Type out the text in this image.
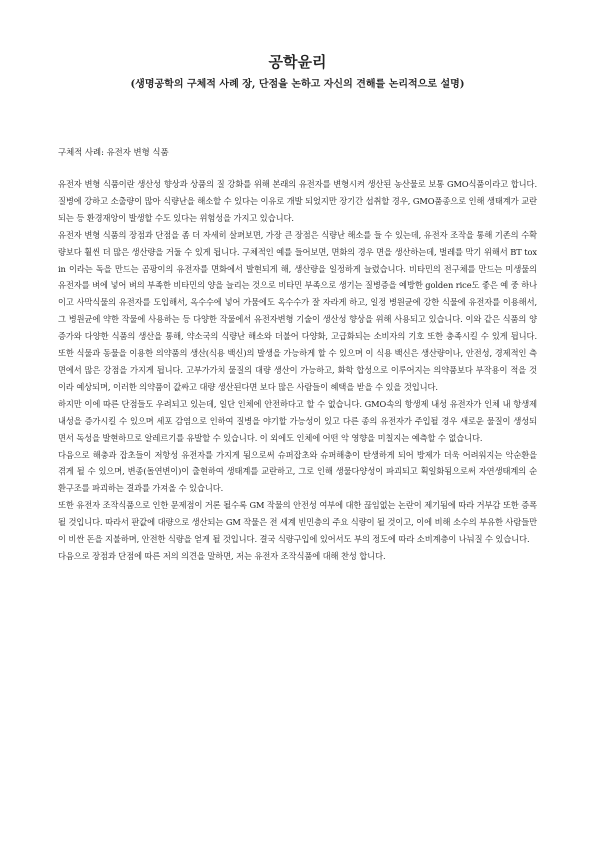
공학윤리

(생명공학의 구체적 사례 장, 단점을 논하고 자신의 견해를 논리적으로 설명)

구체적 사례: 유전자 변형 식품

유전자 변형 식품이란 생산성 향상과 상품의 질 강화를 위해 본래의 유전자를 변형시켜 생산된 농산물로 보통 GMO식품이라고 합니다. 질병에 강하고 소출량이 많아 식량난을 해소할 수 있다는 이유로 개발 되었지만 장기간 섭취할 경우, GMO품종으로 인해 생태계가 교란되는 등 환경재앙이 발생할 수도 있다는 위험성을 가지고 있습니다.

유전자 변형 식품의 장점과 단점을 좀 더 자세히 살펴보면, 가장 큰 장점은 식량난 해소를 들 수 있는데, 유전자 조작을 통해 기존의 수확량보다 훨씬 더 많은 생산량을 거둘 수 있게 됩니다. 구체적인 예를 들어보면, 면화의 경우 면을 생산하는데, 벌레를 막기 위해서 BT toxin 이라는 독을 만드는 곰팡이의 유전자를 면화에서 발현되게 해, 생산량을 일정하게 늘렸습니다. 비타민의 전구체를 만드는 미생물의 유전자를 벼에 넣어 벼의 부족한 비타민의 양을 늘리는 것으로 비타민 부족으로 생기는 질병증을 예방한 golden rice도 좋은 예 중 하나이고 사막식물의 유전자를 도입해서, 옥수수에 넣어 가뭄에도 옥수수가 잘 자라게 하고, 일정 병원균에 강한 식물에 유전자를 이용해서, 그 병원균에 약한 작물에 사용하는 등 다양한 작물에서 유전자변형 기술이 생산성 향상을 위해 사용되고 있습니다. 이와 같은 식품의 양 증가와 다양한 식품의 생산을 통해, 약소국의 식량난 해소와 더불어 다양화, 고급화되는 소비자의 기호 또한 충족시킬 수 있게 됩니다. 또한 식물과 동물을 이용한 의약품의 생산(식용 백신)의 발생을 가능하게 할 수 있으며 이 식용 백신은 생산량이나, 안전성, 경제적인 측면에서 많은 강점을 가지게 됩니다. 고부가가치 물질의 대량 생산이 가능하고, 화학 합성으로 이루어지는 의약품보다 부작용이 적을 것이라 예상되며, 이러한 의약품이 값싸고 대량 생산된다면 보다 많은 사람들이 혜택을 받을 수 있을 것입니다.

하지만 이에 따른 단점들도 우려되고 있는데, 일단 인체에 안전하다고 할 수 없습니다. GMO속의 항생제 내성 유전자가 인체 내 항생제 내성을 증가시킬 수 있으며 세포 감염으로 인하여 질병을 야기할 가능성이 있고 다른 종의 유전자가 주입될 경우 새로운 물질이 생성되면서 독성을 발현하므로 알레르기를 유발할 수 있습니다. 이 외에도 인체에 어떤 악 영향을 미칠지는 예측할 수 없습니다.

다음으로 해충과 잡초들이 저항성 유전자를 가지게 됨으로써 슈퍼잡초와 슈퍼해충이 탄생하게 되어 방제가 더욱 어려워지는 악순환을 겪게 될 수 있으며, 변종(돌연변이)이 출현하여 생태계를 교란하고, 그로 인해 생물다양성이 파괴되고 획일화됨으로써 자연생태계의 순환구조를 파괴하는 결과를 가져올 수 있습니다.

또한 유전자 조작식품으로 인한 문제점이 거론 될수록 GM 작물의 안전성 여부에 대한 끊임없는 논란이 제기됨에 따라 거부감 또한 증폭될 것입니다. 따라서 판값에 대량으로 생산되는 GM 작물은 전 세계 빈민층의 주요 식량이 될 것이고, 이에 비해 소수의 부유한 사람들만이 비싼 돈을 지불하며, 안전한 식량을 얻게 될 것입니다. 결국 식량구입에 있어서도 부의 정도에 따라 소비계층이 나눠질 수 있습니다.

다음으로 장점과 단점에 따른 저의 의견을 말하면, 저는 유전자 조작식품에 대해 찬성 합니다.
